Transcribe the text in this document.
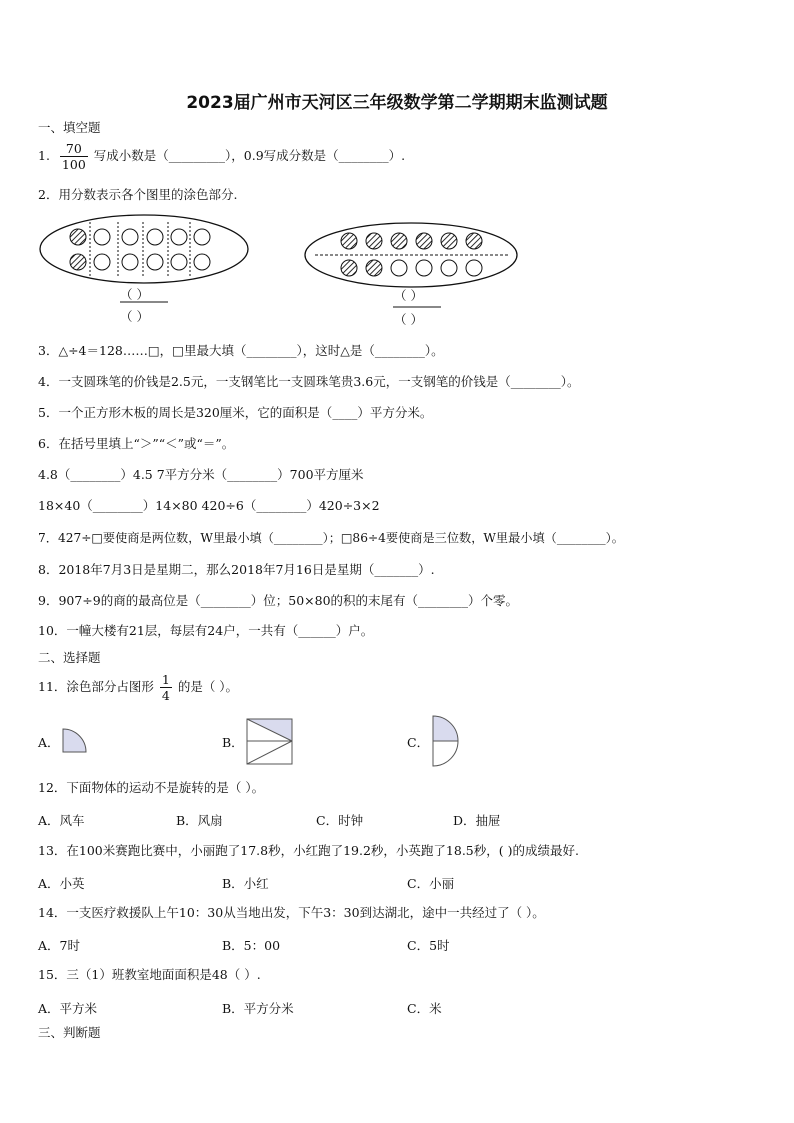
2023届广州市天河区三年级数学第二学期期末监测试题
一、填空题
1. $\frac{70}{100}$ 写成小数是（_________），0.9写成分数是（________）.
2．用分数表示各个图里的涂色部分.
（ ）
（ ）
（ ）
（ ）
3．△÷4＝128……□，□里最大填（________），这时△是（________）。
4．一支圆珠笔的价钱是2.5元，一支钢笔比一支圆珠笔贵3.6元，一支钢笔的价钱是（________）。
5．一个正方形木板的周长是320厘米，它的面积是（____）平方分米。
6．在括号里填上“＞”“＜”或“＝”。
4.8（________）4.5 7平方分米（________）700平方厘米
18×40（________）14×80 420÷6（________）420÷3×2
7．427÷□要使商是两位数，W里最小填（________）；□86÷4要使商是三位数，W里最小填（________）。
8．2018年7月3日是星期二，那么2018年7月16日是星期（_______）.
9．907÷9的商的最高位是（________）位；50×80的积的末尾有（________）个零。
10．一幢大楼有21层，每层有24户，一共有（______）户。
二、选择题
11．涂色部分占图形 $\frac{1}{4}$ 的是（ ）。
A．	B．	C．
12．下面物体的运动不是旋转的是（ ）。
A．风车	B．风扇	C．时钟	D．抽屉
13．在100米赛跑比赛中，小丽跑了17.8秒，小红跑了19.2秒，小英跑了18.5秒，( )的成绩最好.
A．小英	B．小红	C．小丽
14．一支医疗救援队上午10：30从当地出发，下午3：30到达湖北，途中一共经过了（ ）。
A．7时	B．5：00	C．5时
15．三（1）班教室地面面积是48（ ）.
A．平方米	B．平方分米	C．米
三、判断题
